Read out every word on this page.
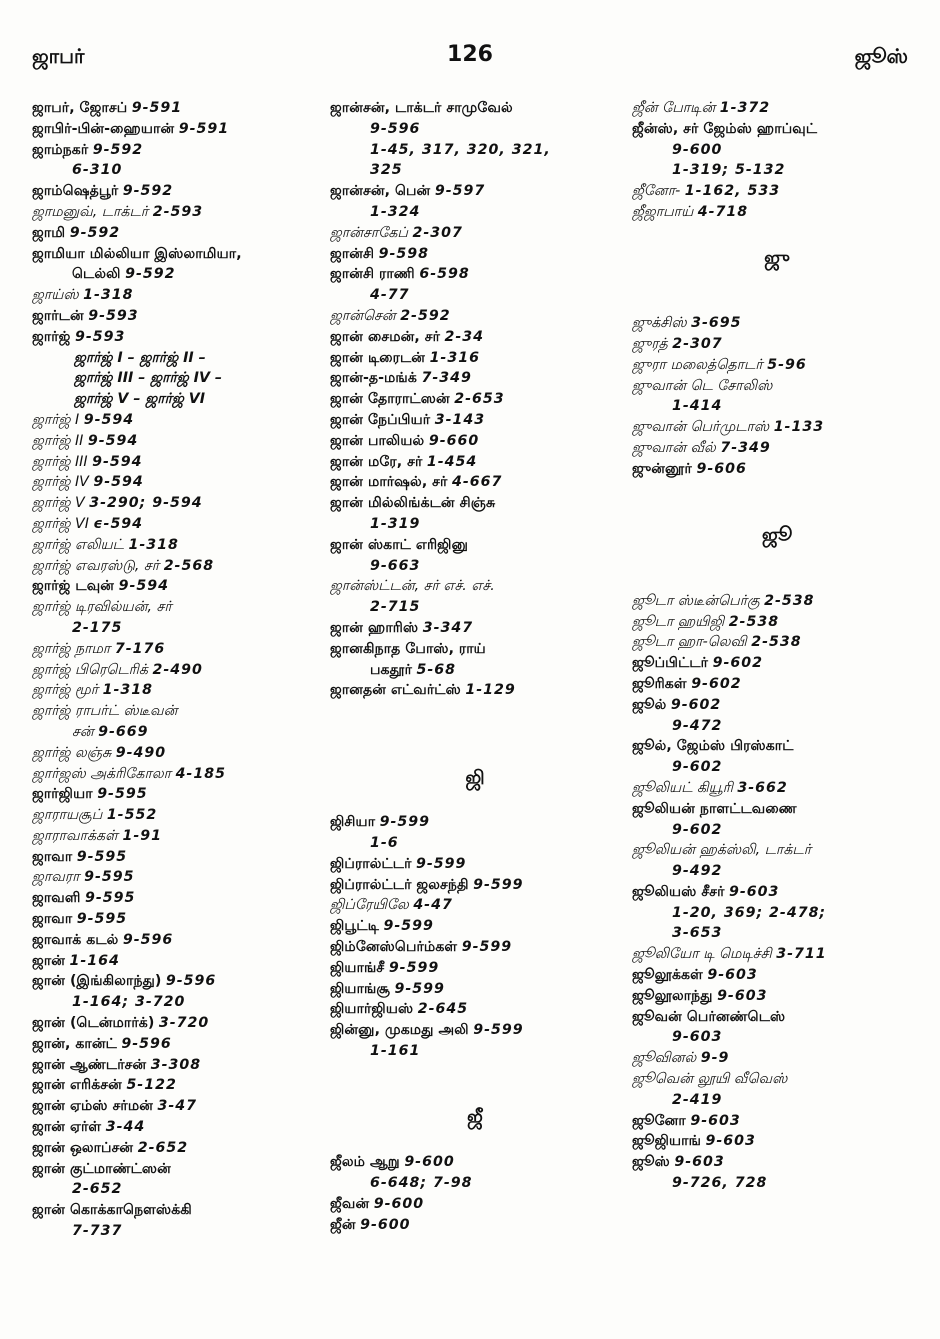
ஜாபர்	126	ஜூஸ்
ஜாபர், ஜோசப் 9-591
ஜாபிர்-பின்-ஹையான் 9-591
ஜாம்நகர் 9-592
6-310
ஜாம்ஷெத்பூர் 9-592
ஜாமனுவ், டாக்டர் 2-593
ஜாமி 9-592
ஜாமியா மில்லியா இஸ்லாமியா,
டெல்லி 9-592
ஜாய்ஸ் 1-318
ஜார்டன் 9-593
ஜார்ஜ் 9-593
ஜார்ஜ் I – ஜார்ஜ் II –
ஜார்ஜ் III – ஜார்ஜ் IV –
ஜார்ஜ் V – ஜார்ஜ் VI
ஜார்ஜ் I 9-594
ஜார்ஜ் II 9-594
ஜார்ஜ் III 9-594
ஜார்ஜ் IV 9-594
ஜார்ஜ் V 3-290; 9-594
ஜார்ஜ் VI ϵ-594
ஜார்ஜ் எலியட் 1-318
ஜார்ஜ் எவரஸ்டு, சர் 2-568
ஜார்ஜ் டவுன் 9-594
ஜார்ஜ் டிரவில்யன், சர்
2-175
ஜார்ஜ் நாமா 7-176
ஜார்ஜ் பிரெடெரிக் 2-490
ஜார்ஜ் மூர் 1-318
ஜார்ஜ் ராபர்ட் ஸ்டீவன்
சன் 9-669
ஜார்ஜ் லஞ்சு 9-490
ஜார்ஜஸ் அக்ரிகோலா 4-185
ஜார்ஜியா 9-595
ஜாராயசூப் 1-552
ஜாராவாக்கள் 1-91
ஜாவா 9-595
ஜாவரா 9-595
ஜாவளி 9-595
ஜாவா 9-595
ஜாவாக் கடல் 9-596
ஜான் 1-164
ஜான் (இங்கிலாந்து) 9-596
1-164; 3-720
ஜான் (டென்மார்க்) 3-720
ஜான், கான்ட் 9-596
ஜான் ஆண்டர்சன் 3-308
ஜான் எரிக்சன் 5-122
ஜான் ஏம்ஸ் சர்மன் 3-47
ஜான் ஏர்ள் 3-44
ஜான் ஒலாப்சன் 2-652
ஜான் குட்மாண்ட்ஸன்
2-652
ஜான் கொக்காநெளஸ்க்கி
7-737
ஜான்சன், டாக்டர் சாமுவேல்
9-596
1-45, 317, 320, 321,
325
ஜான்சன், பென் 9-597
1-324
ஜான்சாகேப் 2-307
ஜான்சி 9-598
ஜான்சி ராணி 6-598
4-77
ஜான்சென் 2-592
ஜான் சைமன், சர் 2-34
ஜான் டிரைடன் 1-316
ஜான்-த-மங்க் 7-349
ஜான் தோராட்ஸன் 2-653
ஜான் நேப்பியர் 3-143
ஜான் பாலியல் 9-660
ஜான் மரே, சர் 1-454
ஜான் மார்ஷல், சர் 4-667
ஜான் மில்லிங்க்டன் சிஞ்சு
1-319
ஜான் ஸ்காட் எரிஜினு
9-663
ஜான்ஸ்ட்டன், சர் எச். எச்.
2-715
ஜான் ஹாரிஸ் 3-347
ஜானகிநாத போஸ், ராய்
பகதூர் 5-68
ஜானதன் எட்வர்ட்ஸ் 1-129
ஜி
ஜிசியா 9-599
1-6
ஜிப்ரால்ட்டர் 9-599
ஜிப்ரால்ட்டர் ஜலசந்தி 9-599
ஜிப்ரேயிலே 4-47
ஜிபூட்டி 9-599
ஜிம்னேஸ்பெர்ம்கள் 9-599
ஜியாங்சீ 9-599
ஜியாங்சூ 9-599
ஜியார்ஜியஸ் 2-645
ஜின்னு, முகமது அலி 9-599
1-161
ஜீ
ஜீலம் ஆறு 9-600
6-648; 7-98
ஜீவன் 9-600
ஜீன் 9-600
ஜீன் போடின் 1-372
ஜீன்ஸ், சர் ஜேம்ஸ் ஹாப்வுட்
9-600
1-319; 5-132
ஜீனோ- 1-162, 533
ஜீஜாபாய் 4-718
ஜு
ஜுக்சிஸ் 3-695
ஜுரத் 2-307
ஜுரா மலைத்தொடர் 5-96
ஜுவான் டெ சோலிஸ்
1-414
ஜுவான் பெர்முடாஸ் 1-133
ஜுவான் வீல் 7-349
ஜுன்னூர் 9-606
ஜூ
ஜூடா ஸ்டீன்பெர்கு 2-538
ஜூடா ஹயிஜி 2-538
ஜூடா ஹா-லெவி 2-538
ஜூப்பிட்டர் 9-602
ஜூரிகள் 9-602
ஜூல் 9-602
9-472
ஜூல், ஜேம்ஸ் பிரஸ்காட்
9-602
ஜூலியட் கியூரி 3-662
ஜூலியன் நாளட்டவணை
9-602
ஜூலியன் ஹக்ஸ்லி, டாக்டர்
9-492
ஜூலியஸ் சீசர் 9-603
1-20, 369; 2-478;
3-653
ஜூலியோ டி மெடிச்சி 3-711
ஜூலூக்கள் 9-603
ஜூலூலாந்து 9-603
ஜூவன் பெர்னண்டெஸ்
9-603
ஜூவினல் 9-9
ஜூவென் லூயி வீவெஸ்
2-419
ஜூனோ 9-603
ஜூஜியாங் 9-603
ஜூஸ் 9-603
9-726, 728
